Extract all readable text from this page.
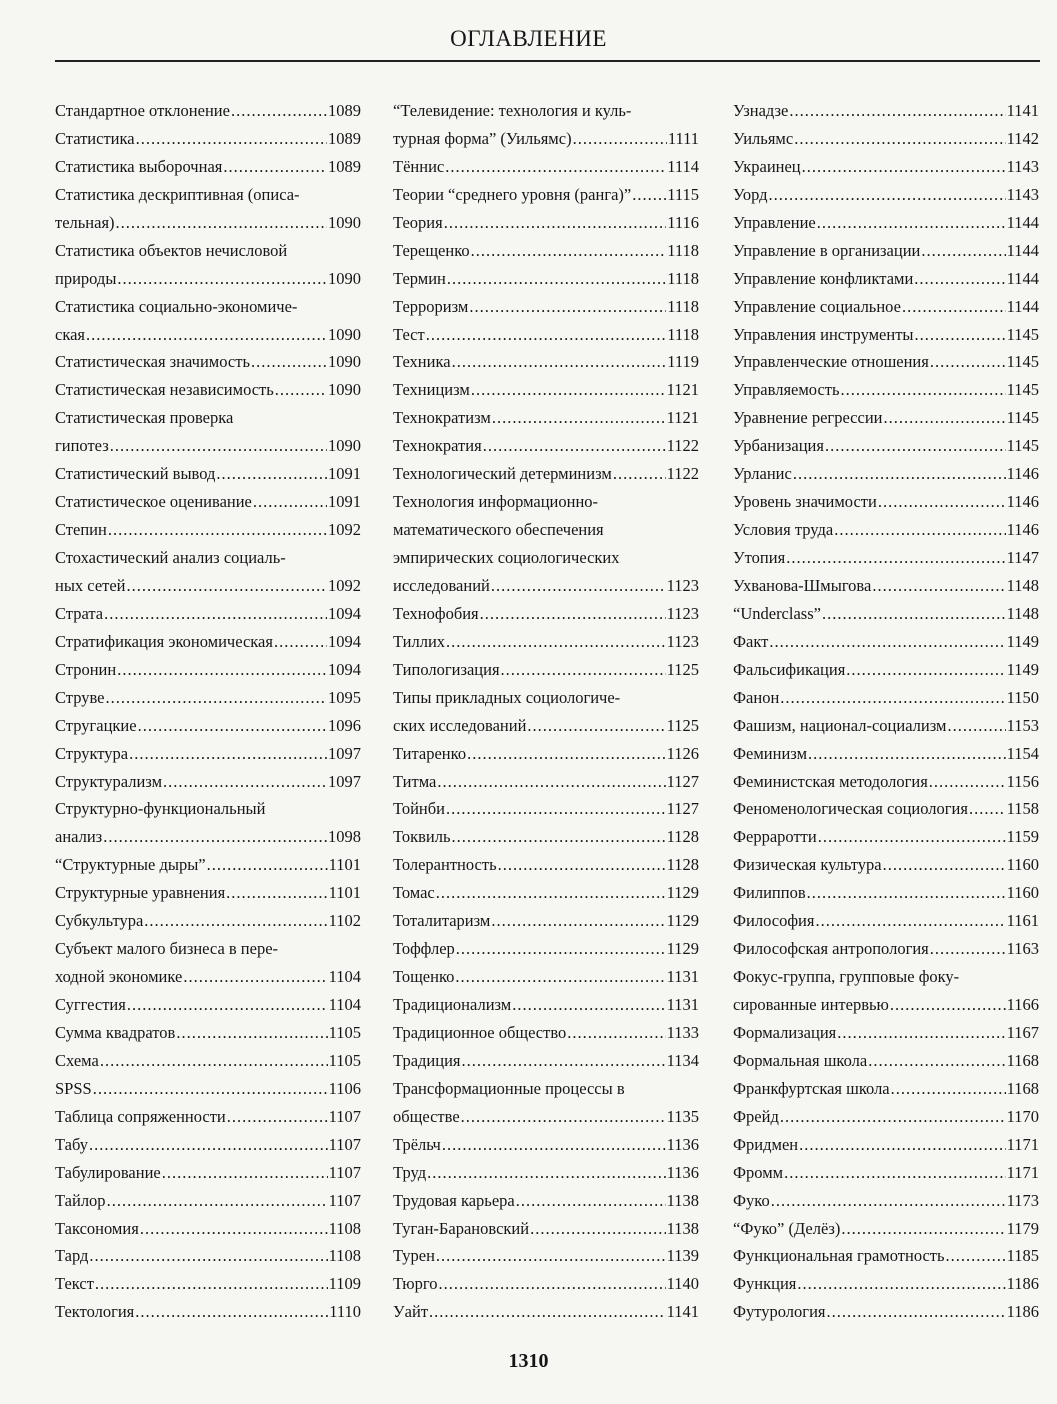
ОГЛАВЛЕНИЕ
Стандартное отклонение .....	1089
Статистика .....	1089
Статистика выборочная .....	1089
Статистика дескриптивная (описа-
тельная) .....	1090
Статистика объектов нечисловой
природы .....	1090
Статистика социально-экономиче-
ская .....	1090
Статистическая значимость .....	1090
Статистическая независимость .....	1090
Статистическая проверка
гипотез .....	1090
Статистический вывод .....	1091
Статистическое оценивание .....	1091
Степин .....	1092
Стохастический анализ социаль-
ных сетей .....	1092
Страта .....	1094
Стратификация экономическая .....	1094
Стронин .....	1094
Струве .....	1095
Стругацкие .....	1096
Структура .....	1097
Структурализм .....	1097
Структурно-функциональный
анализ .....	1098
“Структурные дыры” .....	1101
Структурные уравнения .....	1101
Субкультура .....	1102
Субъект малого бизнеса в пере-
ходной экономике .....	1104
Суггестия .....	1104
Сумма квадратов .....	1105
Схема .....	1105
SPSS .....	1106
Таблица сопряженности .....	1107
Табу .....	1107
Табулирование .....	1107
Тайлор .....	1107
Таксономия .....	1108
Тард .....	1108
Текст .....	1109
Тектология .....	1110
“Телевидение: технология и куль-
турная форма” (Уильямс) .....	1111
Тённис .....	1114
Теории “среднего уровня (ранга)” ..... 1115
Теория .....	1116
Терещенко .....	1118
Термин .....	1118
Терроризм .....	1118
Тест .....	1118
Техника .....	1119
Техницизм .....	1121
Технократизм .....	1121
Технократия .....	1122
Технологический детерминизм .....	1122
Технология информационно-
математического обеспечения
эмпирических социологических
исследований .....	1123
Технофобия .....	1123
Тиллих .....	1123
Типологизация .....	1125
Типы прикладных социологиче-
ских исследований .....	1125
Титаренко .....	1126
Титма .....	1127
Тойнби .....	1127
Токвиль .....	1128
Толерантность .....	1128
Томас .....	1129
Тоталитаризм .....	1129
Тоффлер .....	1129
Тощенко .....	1131
Традиционализм .....	1131
Традиционное общество .....	1133
Традиция .....	1134
Трансформационные процессы в
обществе .....	1135
Трёльч .....	1136
Труд .....	1136
Трудовая карьера .....	1138
Туган-Барановский .....	1138
Турен .....	1139
Тюрго .....	1140
Уайт .....	1141
Узнадзе .....	1141
Уильямс .....	1142
Украинец .....	1143
Уорд .....	1143
Управление .....	1144
Управление в организации .....	1144
Управление конфликтами .....	1144
Управление социальное .....	1144
Управления инструменты .....	1145
Управленческие отношения .....	1145
Управляемость .....	1145
Уравнение регрессии .....	1145
Урбанизация .....	1145
Урланис .....	1146
Уровень значимости .....	1146
Условия труда .....	1146
Утопия .....	1147
Ухванова-Шмыгова .....	1148
“Underclass” .....	1148
Факт .....	1149
Фальсификация .....	1149
Фанон .....	1150
Фашизм, национал-социализм .....	1153
Феминизм .....	1154
Феминистская методология .....	1156
Феноменологическая социология ..... 1158
Ферраротти .....	1159
Физическая культура .....	1160
Филиппов .....	1160
Философия .....	1161
Философская антропология .....	1163
Фокус-группа, групповые фоку-
сированные интервью .....	1166
Формализация .....	1167
Формальная школа .....	1168
Франкфуртская школа .....	1168
Фрейд .....	1170
Фридмен .....	1171
Фромм .....	1171
Фуко .....	1173
“Фуко” (Делёз) .....	1179
Функциональная грамотность .....	1185
Функция .....	1186
Футурология .....	1186
1310
